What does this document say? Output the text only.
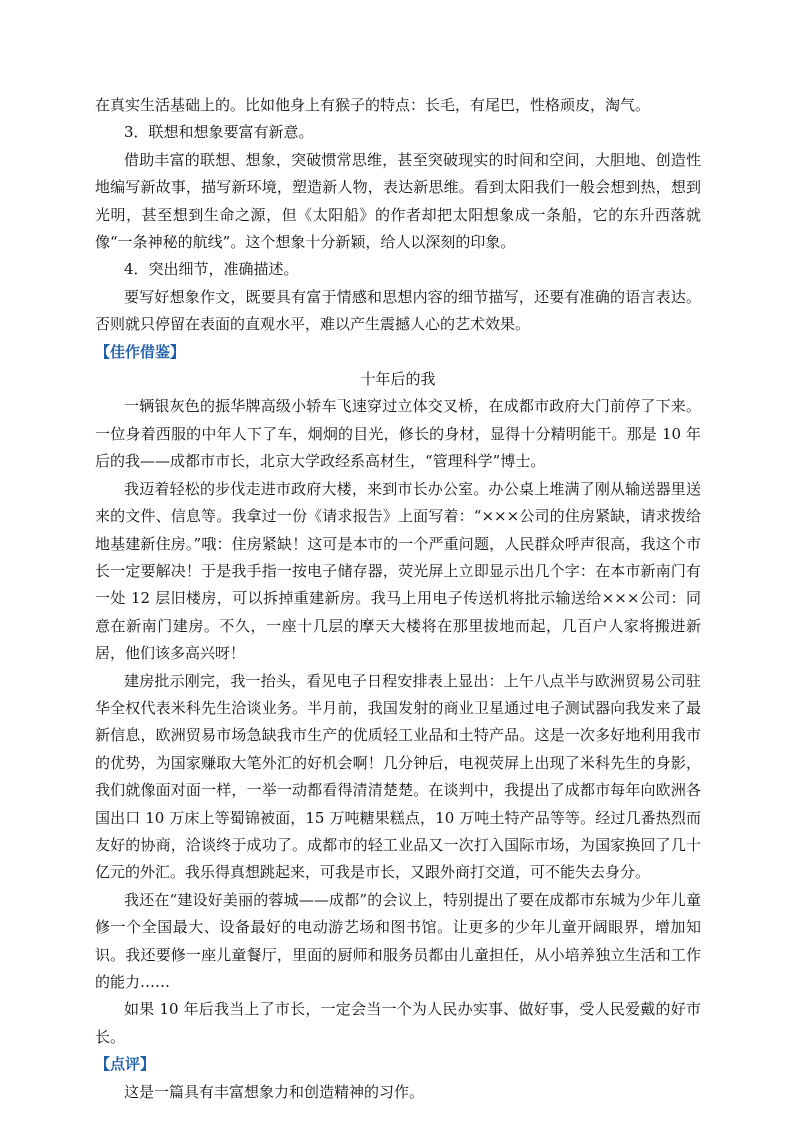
在真实生活基础上的。比如他身上有猴子的特点：长毛，有尾巴，性格顽皮，淘气。

3．联想和想象要富有新意。

借助丰富的联想、想象，突破惯常思维，甚至突破现实的时间和空间，大胆地、创造性地编写新故事，描写新环境，塑造新人物，表达新思维。看到太阳我们一般会想到热，想到光明，甚至想到生命之源，但《太阳船》的作者却把太阳想象成一条船，它的东升西落就像“一条神秘的航线”。这个想象十分新颖，给人以深刻的印象。

4．突出细节，准确描述。

要写好想象作文，既要具有富于情感和思想内容的细节描写，还要有准确的语言表达。否则就只停留在表面的直观水平，难以产生震撼人心的艺术效果。

【佳作借鉴】

十年后的我

一辆银灰色的振华牌高级小轿车飞速穿过立体交叉桥，在成都市政府大门前停了下来。一位身着西服的中年人下了车，炯炯的目光，修长的身材，显得十分精明能干。那是 10 年后的我——成都市市长，北京大学政经系高材生，“管理科学”博士。

我迈着轻松的步伐走进市政府大楼，来到市长办公室。办公桌上堆满了刚从输送器里送来的文件、信息等。我拿过一份《请求报告》上面写着：“×××公司的住房紧缺，请求拨给地基建新住房。”哦：住房紧缺！这可是本市的一个严重问题，人民群众呼声很高，我这个市长一定要解决！于是我手指一按电子储存器，荧光屏上立即显示出几个字：在本市新南门有一处 12 层旧楼房，可以拆掉重建新房。我马上用电子传送机将批示输送给×××公司：同意在新南门建房。不久，一座十几层的摩天大楼将在那里拔地而起，几百户人家将搬进新居，他们该多高兴呀！

建房批示刚完，我一抬头，看见电子日程安排表上显出：上午八点半与欧洲贸易公司驻华全权代表米科先生洽谈业务。半月前，我国发射的商业卫星通过电子测试器向我发来了最新信息，欧洲贸易市场急缺我市生产的优质轻工业品和土特产品。这是一次多好地利用我市的优势，为国家赚取大笔外汇的好机会啊！几分钟后，电视荧屏上出现了米科先生的身影，我们就像面对面一样，一举一动都看得清清楚楚。在谈判中，我提出了成都市每年向欧洲各国出口 10 万床上等蜀锦被面，15 万吨糖果糕点，10 万吨土特产品等等。经过几番热烈而友好的协商，洽谈终于成功了。成都市的轻工业品又一次打入国际市场，为国家换回了几十亿元的外汇。我乐得真想跳起来，可我是市长，又跟外商打交道，可不能失去身分。

我还在“建设好美丽的蓉城——成都”的会议上，特别提出了要在成都市东城为少年儿童修一个全国最大、设备最好的电动游艺场和图书馆。让更多的少年儿童开阔眼界，增加知识。我还要修一座儿童餐厅，里面的厨师和服务员都由儿童担任，从小培养独立生活和工作的能力……

如果 10 年后我当上了市长，一定会当一个为人民办实事、做好事，受人民爱戴的好市长。

【点评】

这是一篇具有丰富想象力和创造精神的习作。
